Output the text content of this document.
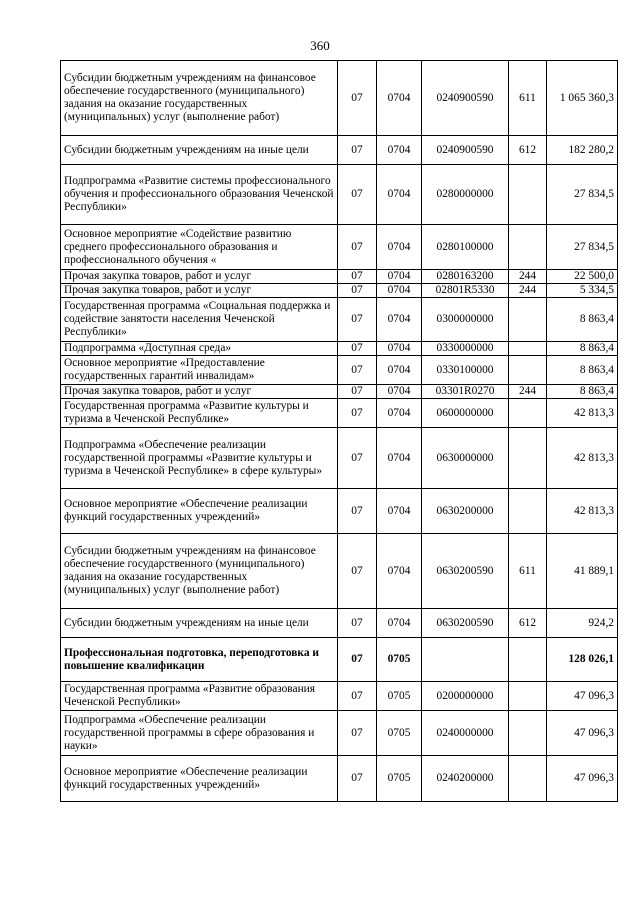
360
Субсидии бюджетным учреждениям на финансовое обеспечение государственного (муниципального) задания на оказание государственных (муниципальных) услуг (выполнение работ)	07	0704	0240900590	611	1 065 360,3
Субсидии бюджетным учреждениям на иные цели	07	0704	0240900590	612	182 280,2
Подпрограмма «Развитие системы профессионального обучения и профессионального образования Чеченской Республики»	07	0704	0280000000		27 834,5
Основное мероприятие «Содействие развитию среднего профессионального образования и профессионального обучения «	07	0704	0280100000		27 834,5
Прочая закупка товаров, работ и услуг	07	0704	0280163200	244	22 500,0
Прочая закупка товаров, работ и услуг	07	0704	02801R5330	244	5 334,5
Государственная программа «Социальная поддержка и содействие занятости населения Чеченской Республики»	07	0704	0300000000		8 863,4
Подпрограмма «Доступная среда»	07	0704	0330000000		8 863,4
Основное мероприятие «Предоставление государственных гарантий инвалидам»	07	0704	0330100000		8 863,4
Прочая закупка товаров, работ и услуг	07	0704	03301R0270	244	8 863,4
Государственная программа «Развитие культуры и туризма в Чеченской Республике»	07	0704	0600000000		42 813,3
Подпрограмма «Обеспечение реализации государственной программы «Развитие культуры и туризма в Чеченской Республике» в сфере культуры»	07	0704	0630000000		42 813,3
Основное мероприятие «Обеспечение реализации функций государственных учреждений»	07	0704	0630200000		42 813,3
Субсидии бюджетным учреждениям на финансовое обеспечение государственного (муниципального) задания на оказание государственных (муниципальных) услуг (выполнение работ)	07	0704	0630200590	611	41 889,1
Субсидии бюджетным учреждениям на иные цели	07	0704	0630200590	612	924,2
Профессиональная подготовка, переподготовка и повышение квалификации	07	0705			128 026,1
Государственная программа «Развитие образования Чеченской Республики»	07	0705	0200000000		47 096,3
Подпрограмма «Обеспечение реализации государственной программы в сфере образования и науки»	07	0705	0240000000		47 096,3
Основное мероприятие «Обеспечение реализации функций государственных учреждений»	07	0705	0240200000		47 096,3
